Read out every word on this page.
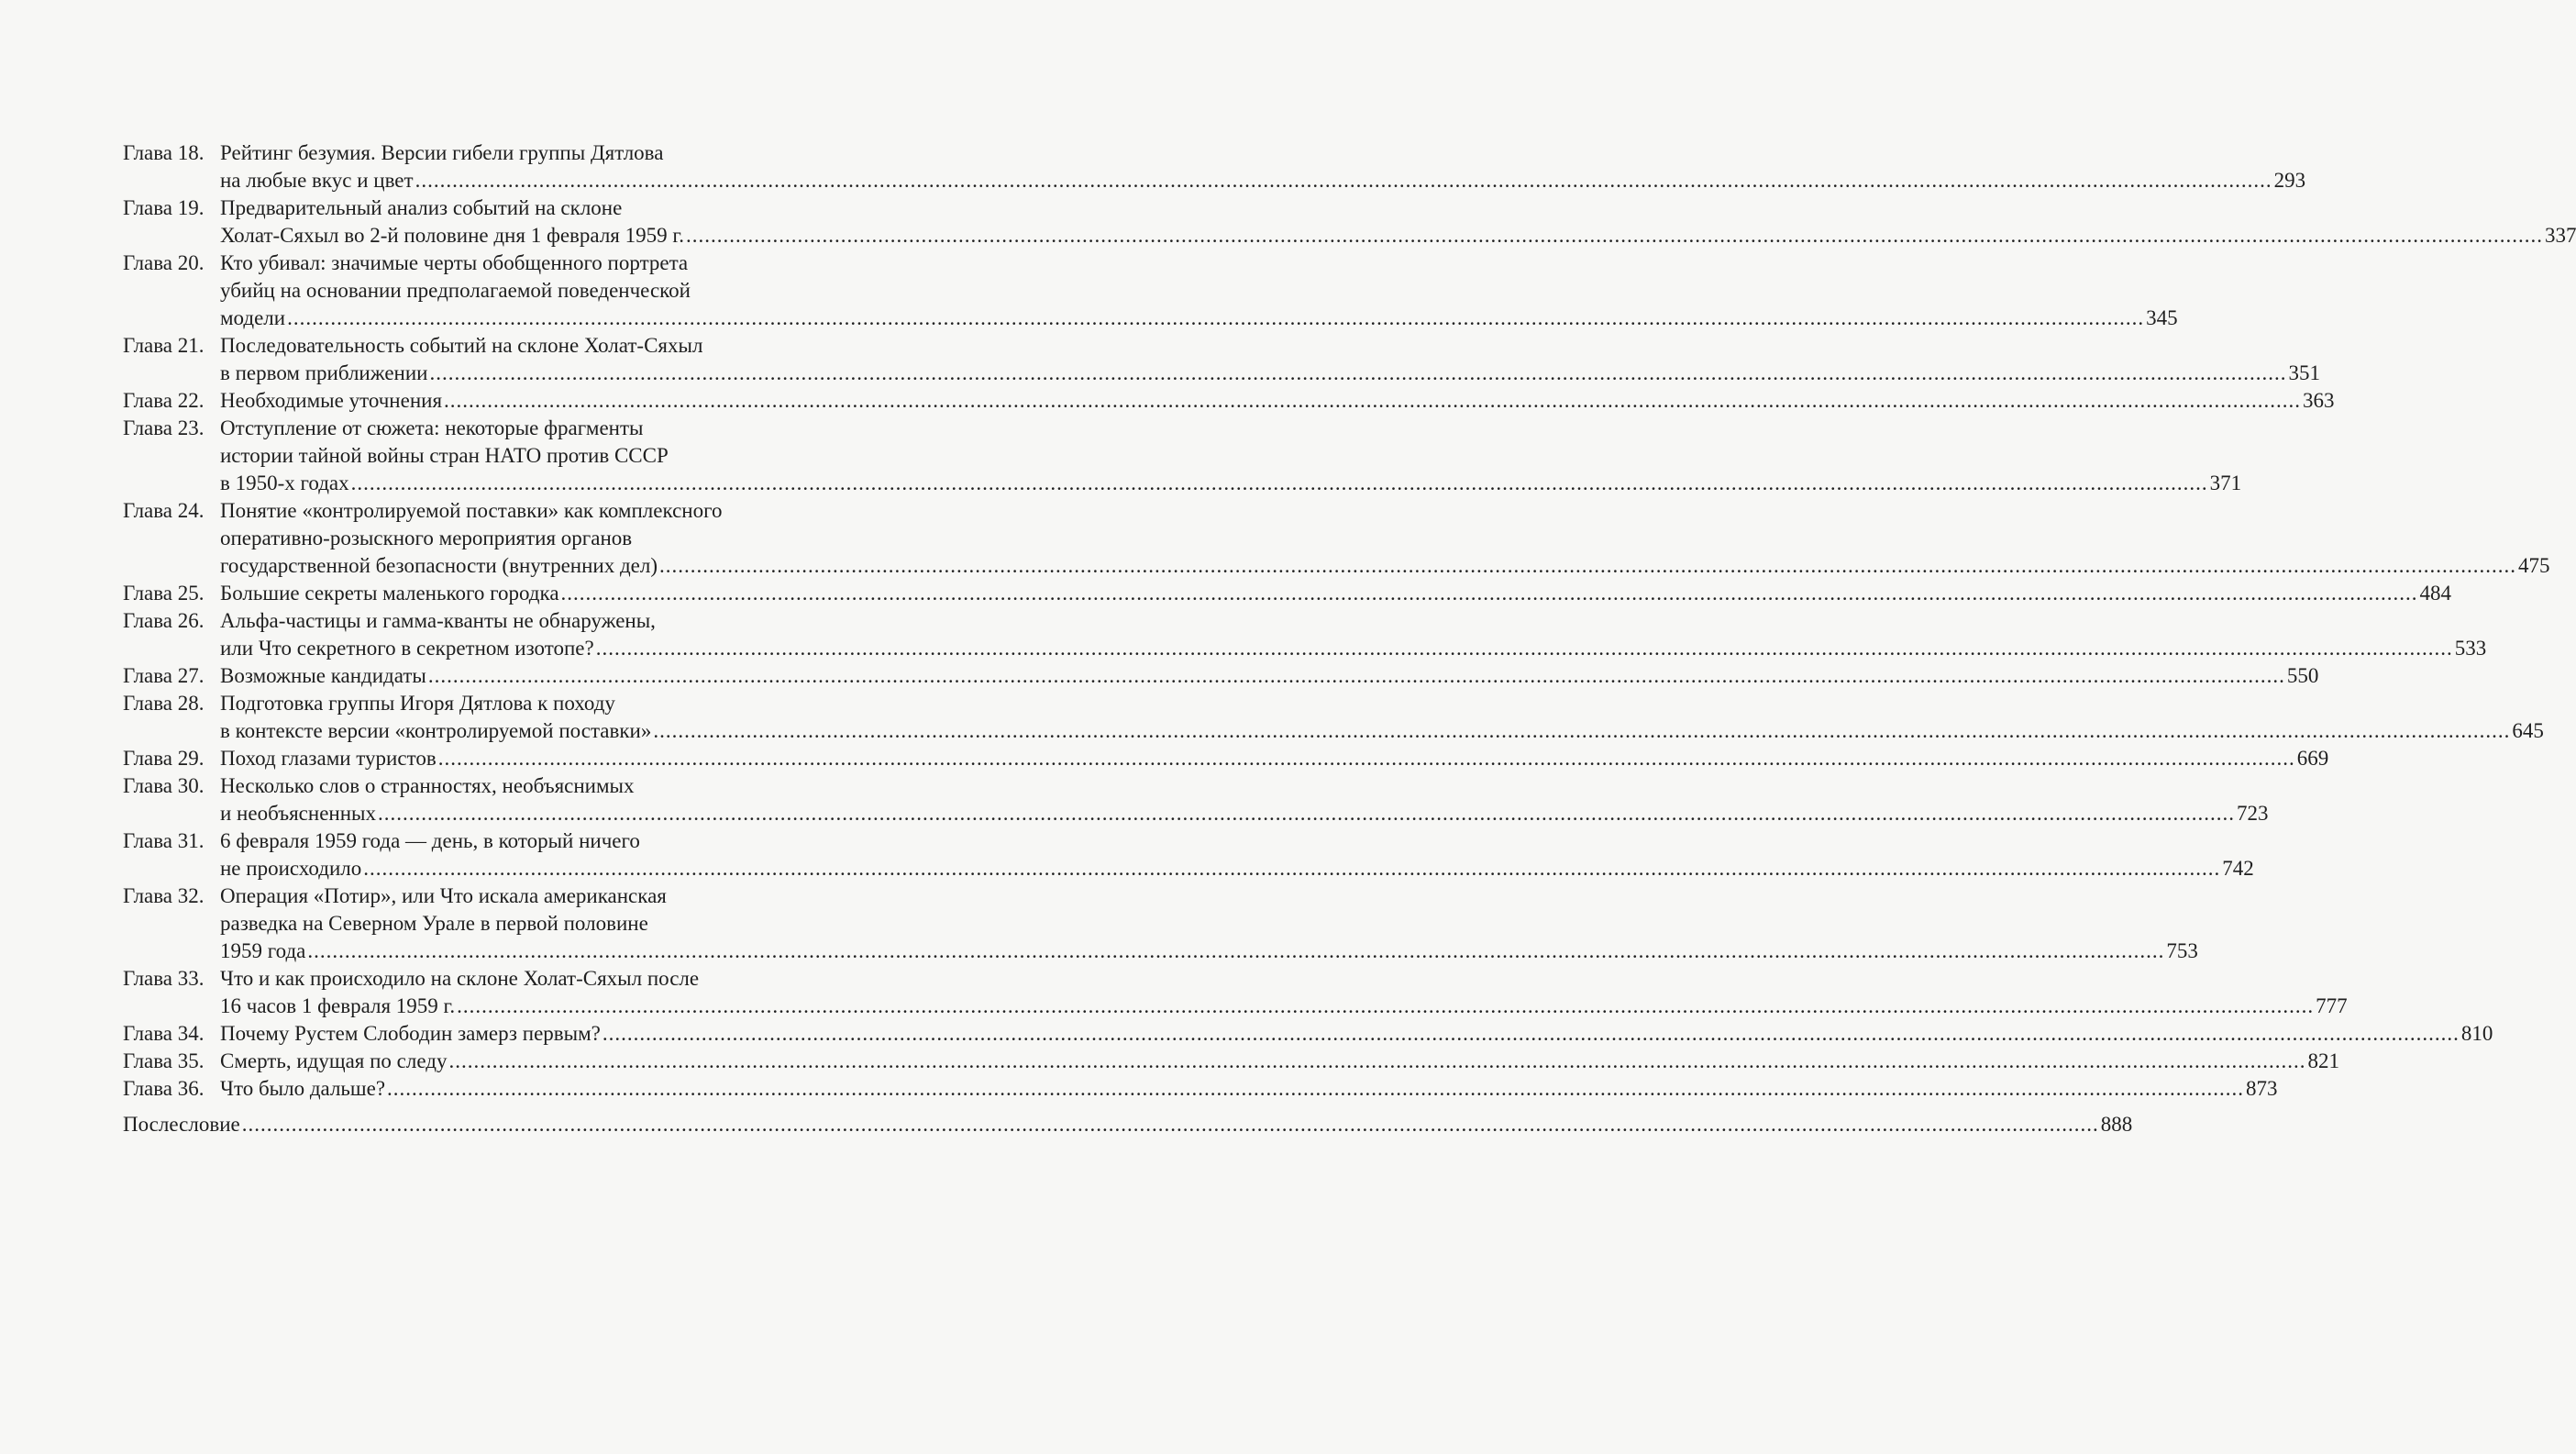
Глава 18. Рейтинг безумия. Версии гибели группы Дятлова
на любые вкус и цвет ............................................................................................................................................................................................................................................................................................................ 293
Глава 19. Предварительный анализ событий на склоне
Холат-Сяхыл во 2-й половине дня 1 февраля 1959 г. ............................................................................................................................................................................................................................................................................................................ 337
Глава 20. Кто убивал: значимые черты обобщенного портрета
убийц на основании предполагаемой поведенческой
модели ............................................................................................................................................................................................................................................................................................................ 345
Глава 21. Последовательность событий на склоне Холат-Сяхыл
в первом приближении ............................................................................................................................................................................................................................................................................................................ 351
Глава 22. Необходимые уточнения ............................................................................................................................................................................................................................................................................................................ 363
Глава 23. Отступление от сюжета: некоторые фрагменты
истории тайной войны стран НАТО против СССР
в 1950-х годах ............................................................................................................................................................................................................................................................................................................ 371
Глава 24. Понятие «контролируемой поставки» как комплексного
оперативно-розыскного мероприятия органов
государственной безопасности (внутренних дел) ............................................................................................................................................................................................................................................................................................................ 475
Глава 25. Большие секреты маленького городка ............................................................................................................................................................................................................................................................................................................ 484
Глава 26. Альфа-частицы и гамма-кванты не обнаружены,
или Что секретного в секретном изотопе? ............................................................................................................................................................................................................................................................................................................ 533
Глава 27. Возможные кандидаты ............................................................................................................................................................................................................................................................................................................ 550
Глава 28. Подготовка группы Игоря Дятлова к походу
в контексте версии «контролируемой поставки» ............................................................................................................................................................................................................................................................................................................ 645
Глава 29. Поход глазами туристов ............................................................................................................................................................................................................................................................................................................ 669
Глава 30. Несколько слов о странностях, необъяснимых
и необъясненных ............................................................................................................................................................................................................................................................................................................ 723
Глава 31. 6 февраля 1959 года — день, в который ничего
не происходило ............................................................................................................................................................................................................................................................................................................ 742
Глава 32. Операция «Потир», или Что искала американская
разведка на Северном Урале в первой половине
1959 года ............................................................................................................................................................................................................................................................................................................ 753
Глава 33. Что и как происходило на склоне Холат-Сяхыл после
16 часов 1 февраля 1959 г. ............................................................................................................................................................................................................................................................................................................ 777
Глава 34. Почему Рустем Слободин замерз первым? ............................................................................................................................................................................................................................................................................................................ 810
Глава 35. Смерть, идущая по следу ............................................................................................................................................................................................................................................................................................................ 821
Глава 36. Что было дальше? ............................................................................................................................................................................................................................................................................................................ 873
Послесловие ............................................................................................................................................................................................................................................................................................................ 888
